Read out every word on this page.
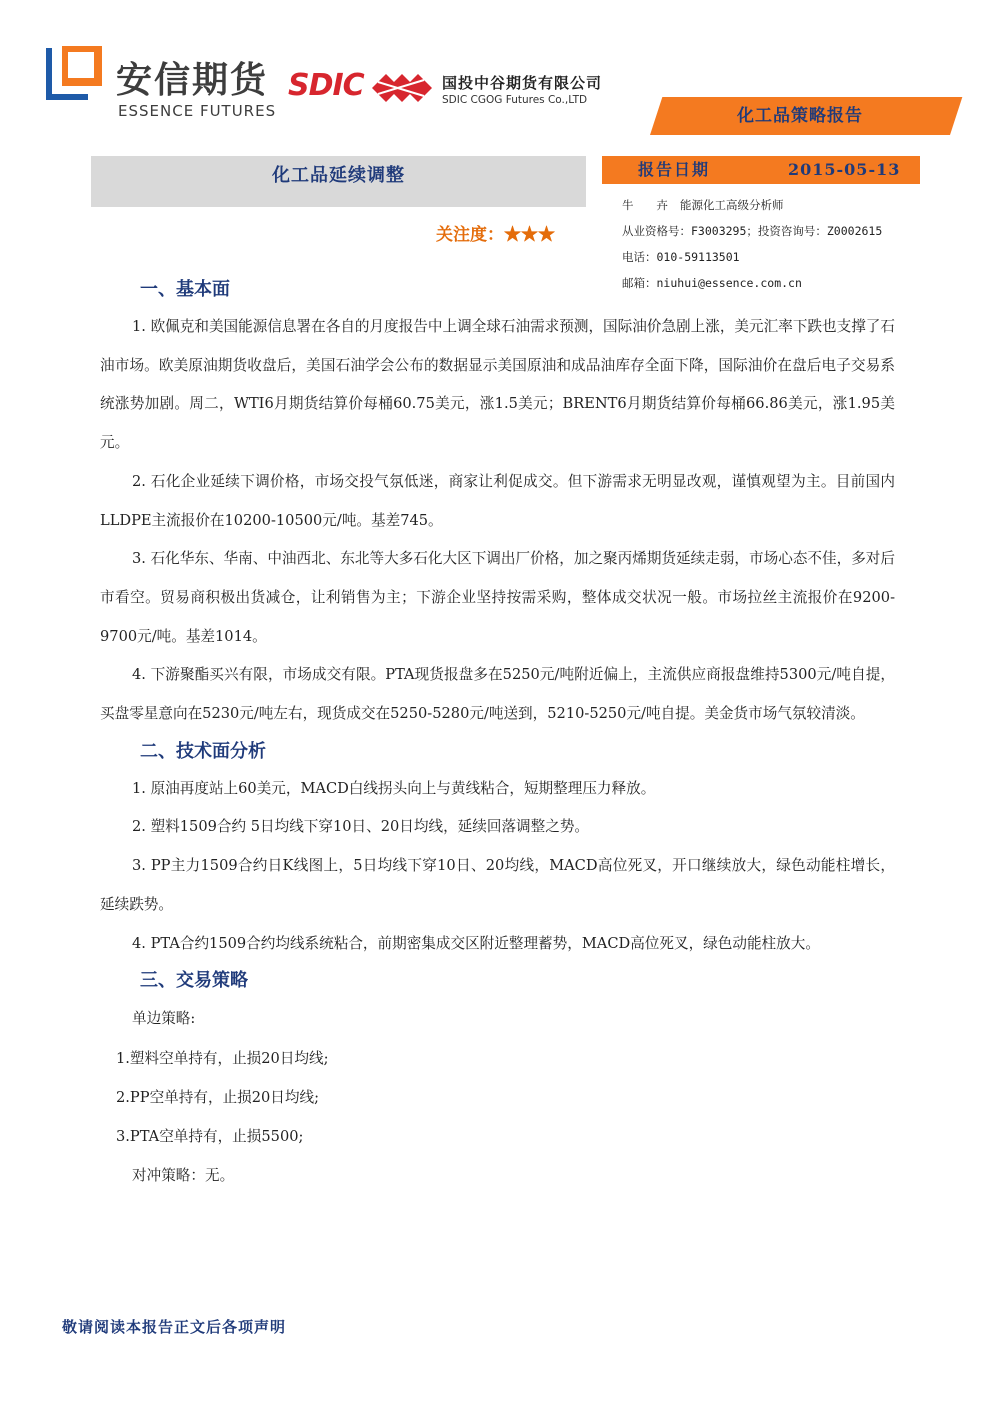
安信期货
ESSENCE FUTURES
SDIC	国投中谷期货有限公司
SDIC CGOG Futures Co.,LTD
化工品策略报告
化工品延续调整
关注度：★★★
报告日期	2015-05-13
牛 卉 能源化工高级分析师
从业资格号：F3003295；投资咨询号：Z0002615
电话：010-59113501
邮箱：niuhui@essence.com.cn
一、基本面

1. 欧佩克和美国能源信息署在各自的月度报告中上调全球石油需求预测，国际油价急剧上涨，美元汇率下跌也支撑了石油市场。欧美原油期货收盘后，美国石油学会公布的数据显示美国原油和成品油库存全面下降，国际油价在盘后电子交易系统涨势加剧。周二，WTI6月期货结算价每桶60.75美元，涨1.5美元；BRENT6月期货结算价每桶66.86美元，涨1.95美元。

2. 石化企业延续下调价格，市场交投气氛低迷，商家让利促成交。但下游需求无明显改观，谨慎观望为主。目前国内LLDPE主流报价在10200-10500元/吨。基差745。

3. 石化华东、华南、中油西北、东北等大多石化大区下调出厂价格，加之聚丙烯期货延续走弱，市场心态不佳，多对后市看空。贸易商积极出货减仓，让利销售为主；下游企业坚持按需采购，整体成交状况一般。市场拉丝主流报价在9200-9700元/吨。基差1014。

4. 下游聚酯买兴有限，市场成交有限。PTA现货报盘多在5250元/吨附近偏上，主流供应商报盘维持5300元/吨自提，买盘零星意向在5230元/吨左右，现货成交在5250-5280元/吨送到，5210-5250元/吨自提。美金货市场气氛较清淡。

二、技术面分析

1. 原油再度站上60美元，MACD白线拐头向上与黄线粘合，短期整理压力释放。

2. 塑料1509合约 5日均线下穿10日、20日均线，延续回落调整之势。

3. PP主力1509合约日K线图上，5日均线下穿10日、20均线，MACD高位死叉，开口继续放大，绿色动能柱增长，延续跌势。

4. PTA合约1509合约均线系统粘合，前期密集成交区附近整理蓄势，MACD高位死叉，绿色动能柱放大。

三、交易策略
单边策略:
1.塑料空单持有，止损20日均线;
2.PP空单持有，止损20日均线;
3.PTA空单持有，止损5500;
对冲策略：无。
敬请阅读本报告正文后各项声明
